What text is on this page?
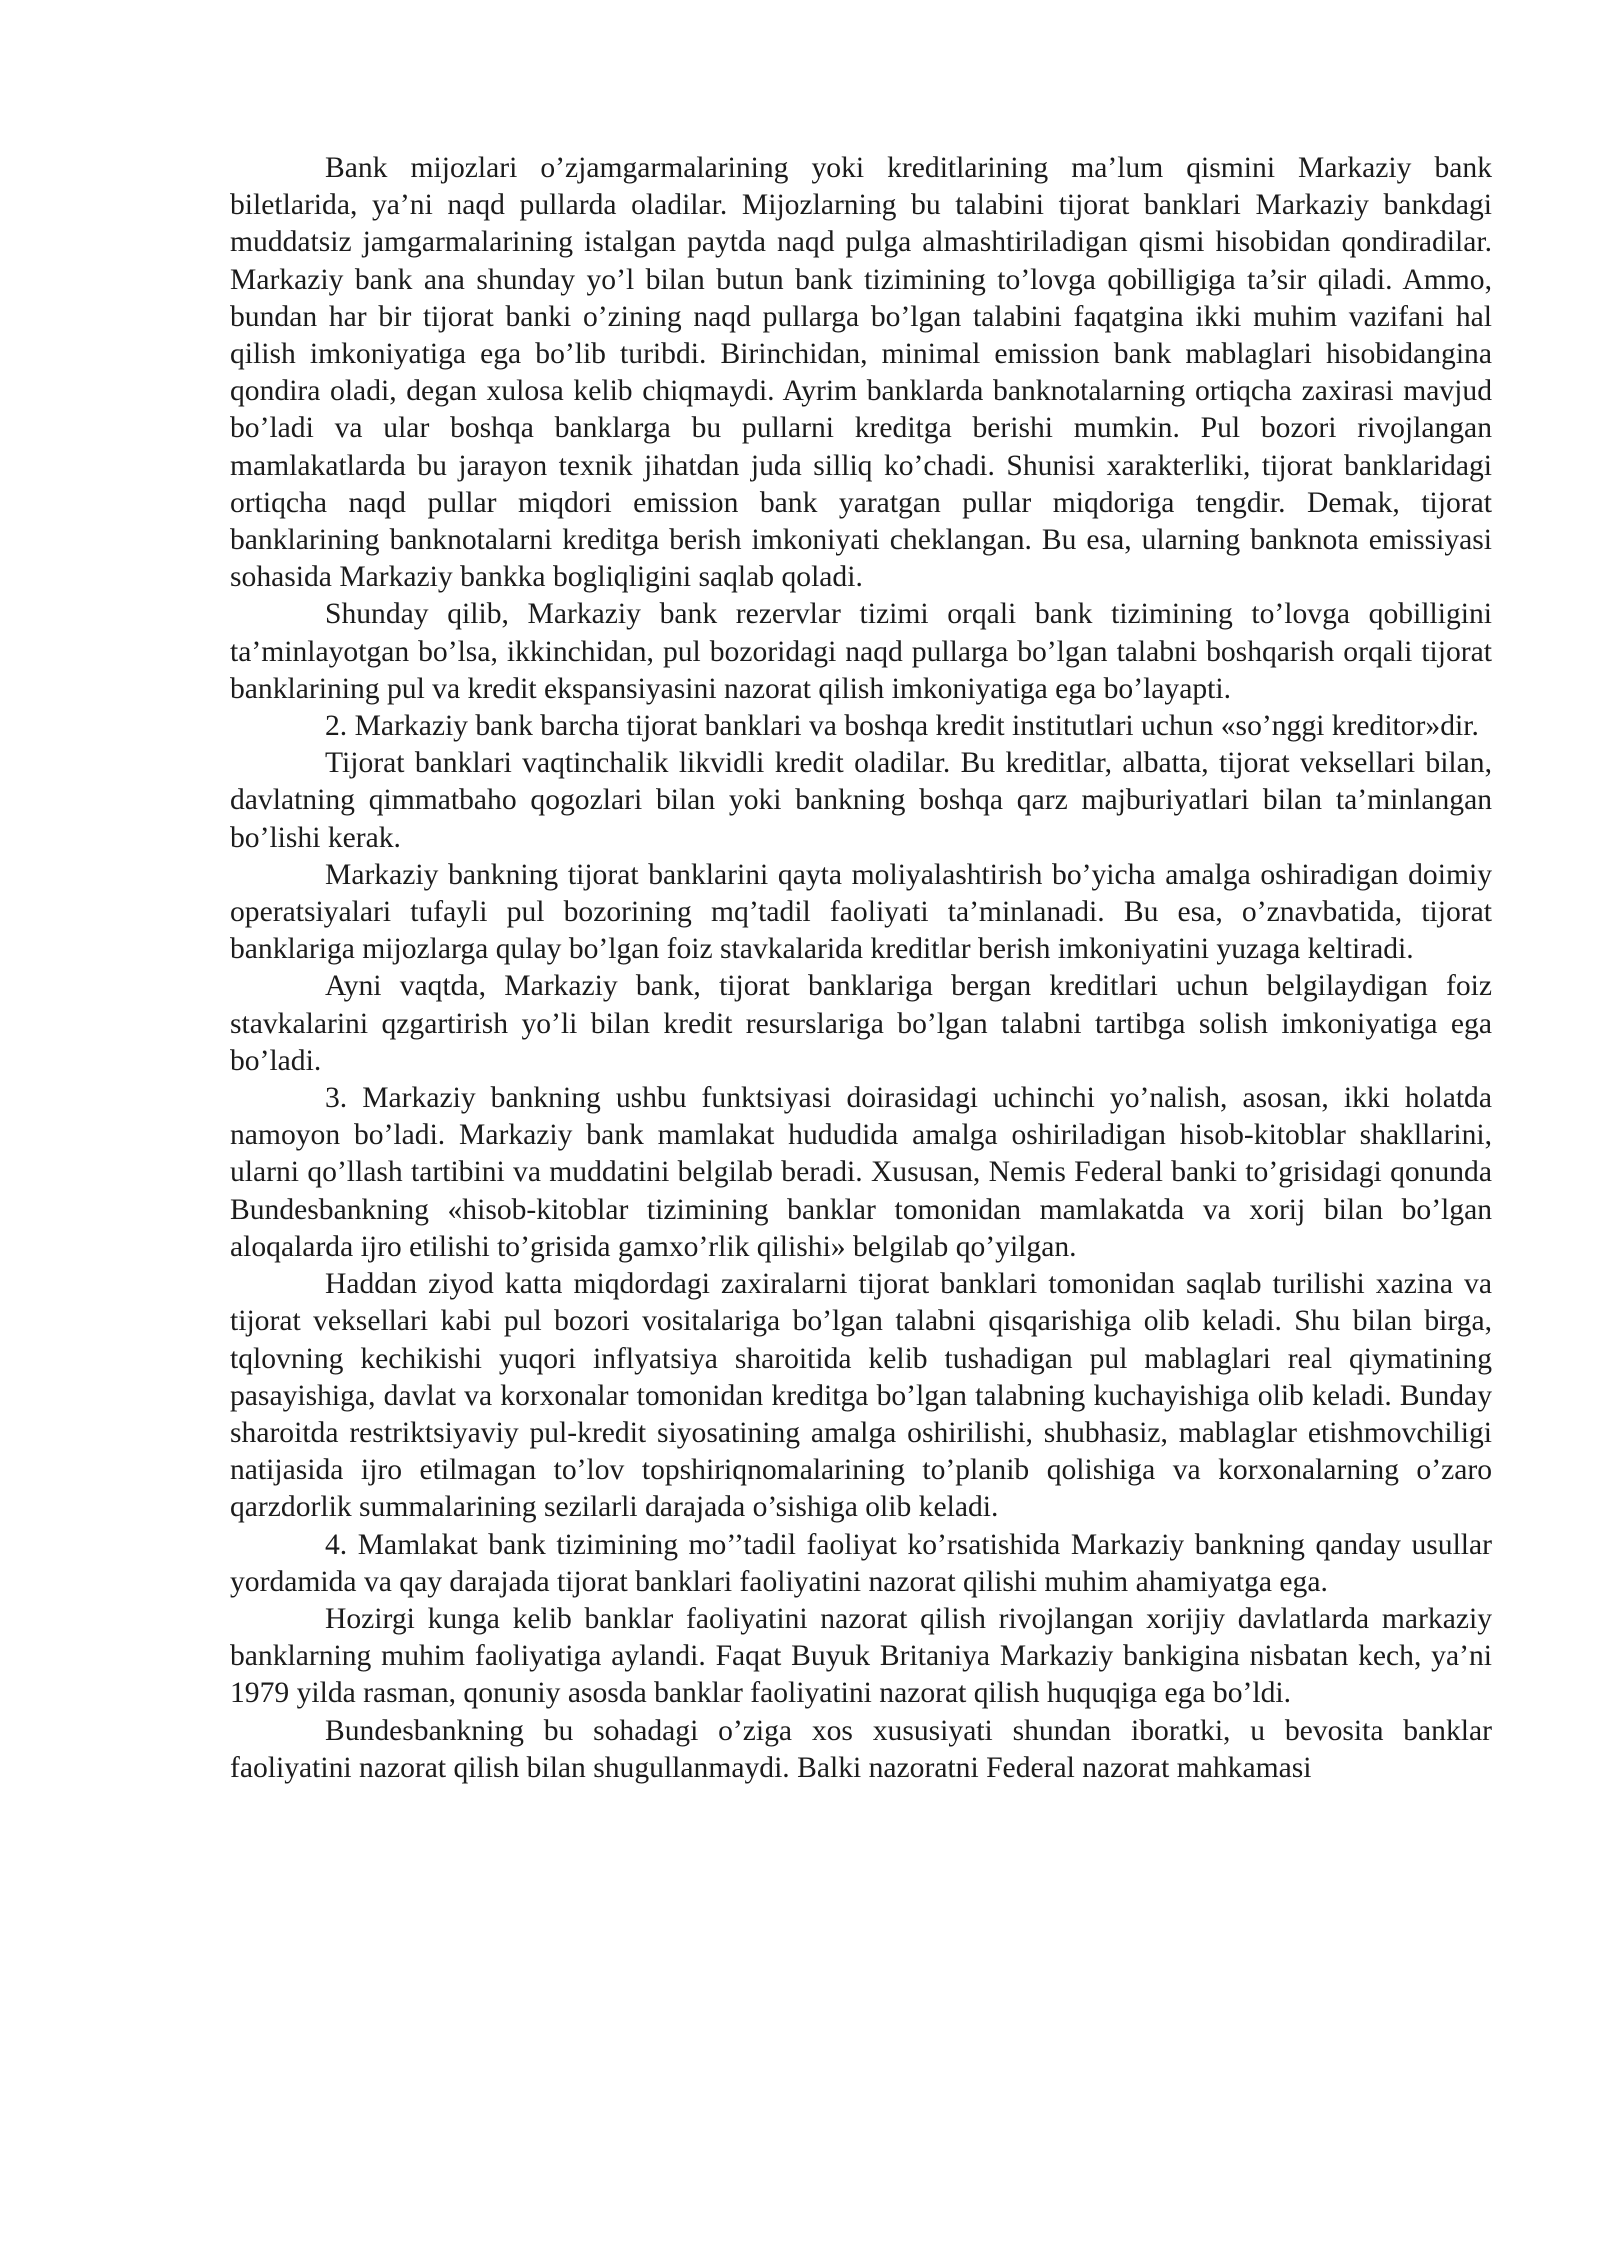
Bank mijozlari o’zjamgarmalarining yoki kreditlarining ma’lum qismini Markaziy bank biletlarida, ya’ni naqd pullarda oladilar. Mijozlarning bu talabini tijorat banklari Markaziy bankdagi muddatsiz jamgarmalarining istalgan paytda naqd pulga almashtiriladigan qismi hisobidan qondiradilar. Markaziy bank ana shunday yo’l bilan butun bank tizimining to’lovga qobilligiga ta’sir qiladi. Ammo, bundan har bir tijorat banki o’zining naqd pullarga bo’lgan talabini faqatgina ikki muhim vazifani hal qilish imkoniyatiga ega bo’lib turibdi. Birinchidan, minimal emission bank mablaglari hisobidangina qondira oladi, degan xulosa kelib chiqmaydi. Ayrim banklarda banknotalarning ortiqcha zaxirasi mavjud bo’ladi va ular boshqa banklarga bu pullarni kreditga berishi mumkin. Pul bozori rivojlangan mamlakatlarda bu jarayon texnik jihatdan juda silliq ko’chadi. Shunisi xarakterliki, tijorat banklaridagi ortiqcha naqd pullar miqdori emission bank yaratgan pullar miqdoriga tengdir. Demak, tijorat banklarining banknotalarni kreditga berish imkoniyati cheklangan. Bu esa, ularning banknota emissiyasi sohasida Markaziy bankka bogliqligini saqlab qoladi.

Shunday qilib, Markaziy bank rezervlar tizimi orqali bank tizimining to’lovga qobilligini ta’minlayotgan bo’lsa, ikkinchidan, pul bozoridagi naqd pullarga bo’lgan talabni boshqarish orqali tijorat banklarining pul va kredit ekspansiyasini nazorat qilish imkoniyatiga ega bo’layapti.

2. Markaziy bank barcha tijorat banklari va boshqa kredit institutlari uchun «so’nggi kreditor»dir.

Tijorat banklari vaqtinchalik likvidli kredit oladilar. Bu kreditlar, albatta, tijorat veksellari bilan, davlatning qimmatbaho qogozlari bilan yoki bankning boshqa qarz majburiyatlari bilan ta’minlangan bo’lishi kerak.

Markaziy bankning tijorat banklarini qayta moliyalashtirish bo’yicha amalga oshiradigan doimiy operatsiyalari tufayli pul bozorining mq’tadil faoliyati ta’minlanadi. Bu esa, o’znavbatida, tijorat banklariga mijozlarga qulay bo’lgan foiz stavkalarida kreditlar berish imkoniyatini yuzaga keltiradi.

Ayni vaqtda, Markaziy bank, tijorat banklariga bergan kreditlari uchun belgilaydigan foiz stavkalarini qzgartirish yo’li bilan kredit resurslariga bo’lgan talabni tartibga solish imkoniyatiga ega bo’ladi.

3. Markaziy bankning ushbu funktsiyasi doirasidagi uchinchi yo’nalish, asosan, ikki holatda namoyon bo’ladi. Markaziy bank mamlakat hududida amalga oshiriladigan hisob-kitoblar shakllarini, ularni qo’llash tartibini va muddatini belgilab beradi. Xususan, Nemis Federal banki to’grisidagi qonunda Bundesbankning «hisob-kitoblar tizimining banklar tomonidan mamlakatda va xorij bilan bo’lgan aloqalarda ijro etilishi to’grisida gamxo’rlik qilishi» belgilab qo’yilgan.

Haddan ziyod katta miqdordagi zaxiralarni tijorat banklari tomonidan saqlab turilishi xazina va tijorat veksellari kabi pul bozori vositalariga bo’lgan talabni qisqarishiga olib keladi. Shu bilan birga, tqlovning kechikishi yuqori inflyatsiya sharoitida kelib tushadigan pul mablaglari real qiymatining pasayishiga, davlat va korxonalar tomonidan kreditga bo’lgan talabning kuchayishiga olib keladi. Bunday sharoitda restriktsiyaviy pul-kredit siyosatining amalga oshirilishi, shubhasiz, mablaglar etishmovchiligi natijasida ijro etilmagan to’lov topshiriqnomalarining to’planib qolishiga va korxonalarning o’zaro qarzdorlik summalarining sezilarli darajada o’sishiga olib keladi.

4. Mamlakat bank tizimining mo’’tadil faoliyat ko’rsatishida Markaziy bankning qanday usullar yordamida va qay darajada tijorat banklari faoliyatini nazorat qilishi muhim ahamiyatga ega.

Hozirgi kunga kelib banklar faoliyatini nazorat qilish rivojlangan xorijiy davlatlarda markaziy banklarning muhim faoliyatiga aylandi. Faqat Buyuk Britaniya Markaziy bankigina nisbatan kech, ya’ni 1979 yilda rasman, qonuniy asosda banklar faoliyatini nazorat qilish huquqiga ega bo’ldi.

Bundesbankning bu sohadagi o’ziga xos xususiyati shundan iboratki, u bevosita banklar faoliyatini nazorat qilish bilan shugullanmaydi. Balki nazoratni Federal nazorat mahkamasi
